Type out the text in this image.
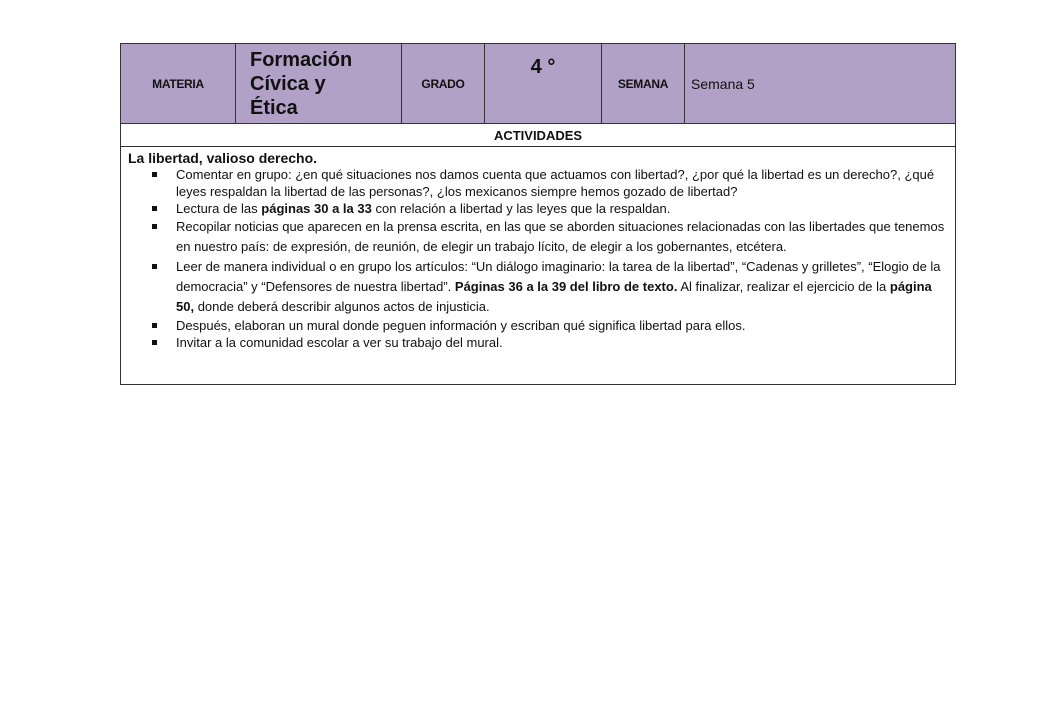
MATERIA
Formación
Cívica y
Ética
GRADO
4 °
SEMANA	Semana 5
ACTIVIDADES
La libertad, valioso derecho.
Comentar en grupo: ¿en qué situaciones nos damos cuenta que actuamos con libertad?, ¿por qué la libertad es un derecho?, ¿qué leyes respaldan la libertad de las personas?, ¿los mexicanos siempre hemos gozado de libertad?
Lectura de las páginas 30 a la 33 con relación a libertad y las leyes que la respaldan.
Recopilar noticias que aparecen en la prensa escrita, en las que se aborden situaciones relacionadas con las libertades que tenemos en nuestro país: de expresión, de reunión, de elegir un trabajo lícito, de elegir a los gobernantes, etcétera.
Leer de manera individual o en grupo los artículos: “Un diálogo imaginario: la tarea de la libertad”, “Cadenas y grilletes”, “Elogio de la democracia” y “Defensores de nuestra libertad”. Páginas 36 a la 39 del libro de texto. Al finalizar, realizar el ejercicio de la página 50, donde deberá describir algunos actos de injusticia.
Después, elaboran un mural donde peguen información y escriban qué significa libertad para ellos.
Invitar a la comunidad escolar a ver su trabajo del mural.
